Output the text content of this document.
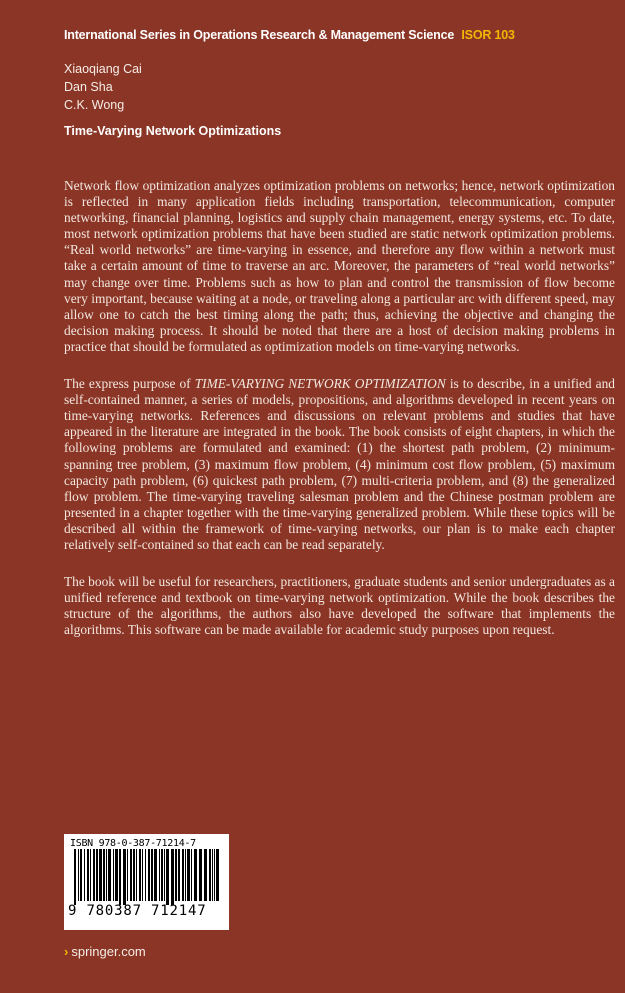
International Series in Operations Research & Management Science ISOR 103
Xiaoqiang Cai
Dan Sha
C.K. Wong
Time-Varying Network Optimizations

Network flow optimization analyzes optimization problems on networks; hence, network optimization is reflected in many application fields including transportation, telecommunication, computer networking, financial planning, logistics and supply chain management, energy systems, etc. To date, most network optimization problems that have been studied are static network optimization problems. “Real world networks” are time-varying in essence, and therefore any flow within a network must take a certain amount of time to traverse an arc. Moreover, the parameters of “real world networks” may change over time. Problems such as how to plan and control the transmission of flow become very important, because waiting at a node, or traveling along a particular arc with different speed, may allow one to catch the best timing along the path; thus, achieving the objective and changing the decision making process. It should be noted that there are a host of decision making problems in practice that should be formulated as optimization models on time-varying networks.

The express purpose of TIME-VARYING NETWORK OPTIMIZATION is to describe, in a unified and self-contained manner, a series of models, propositions, and algorithms developed in recent years on time-varying networks. References and discussions on relevant problems and studies that have appeared in the literature are integrated in the book. The book consists of eight chapters, in which the following problems are formulated and examined: (1) the shortest path problem, (2) minimum-spanning tree problem, (3) maximum flow problem, (4) minimum cost flow problem, (5) maximum capacity path problem, (6) quickest path problem, (7) multi-criteria problem, and (8) the generalized flow problem. The time-varying traveling salesman problem and the Chinese postman problem are presented in a chapter together with the time-varying generalized problem. While these topics will be described all within the framework of time-varying networks, our plan is to make each chapter relatively self-contained so that each can be read separately.

The book will be useful for researchers, practitioners, graduate students and senior undergraduates as a unified reference and textbook on time-varying network optimization. While the book describes the structure of the algorithms, the authors also have developed the software that implements the algorithms. This software can be made available for academic study purposes upon request.

ISBN 978-0-387-71214-7
9 780387 712147
› springer.com
